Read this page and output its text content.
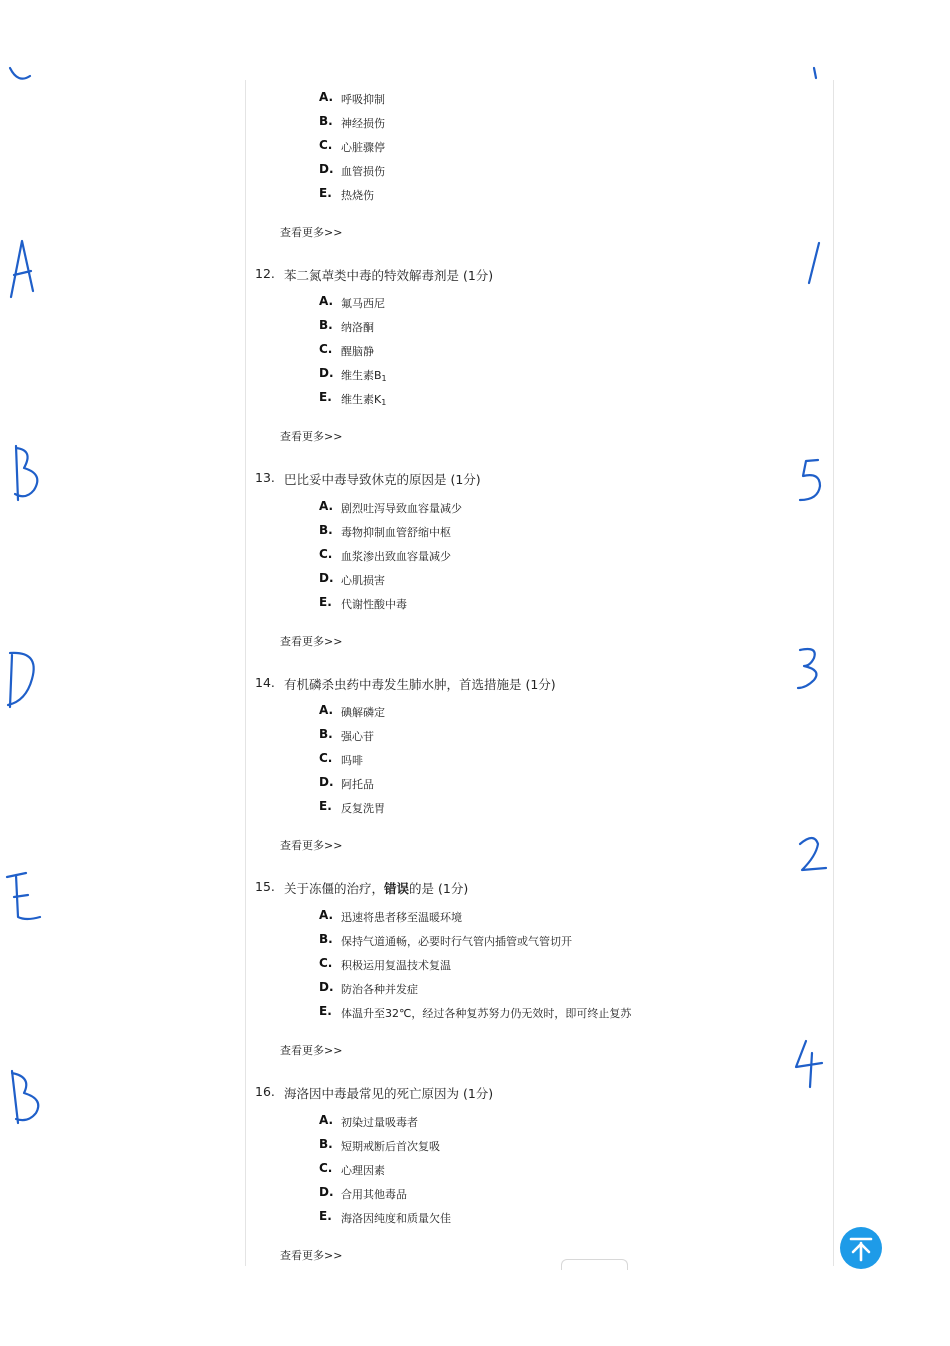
A. 呼吸抑制
B. 神经损伤
C. 心脏骤停
D. 血管损伤
E. 热烧伤
查看更多>>
12. 苯二氮䓬类中毒的特效解毒剂是 (1分)
A. 氟马西尼
B. 纳洛酮
C. 醒脑静
D. 维生素$B_1$
E. 维生素$K_1$
查看更多>>
13. 巴比妥中毒导致休克的原因是 (1分)
A. 剧烈吐泻导致血容量减少
B. 毒物抑制血管舒缩中枢
C. 血浆渗出致血容量减少
D. 心肌损害
E. 代谢性酸中毒
查看更多>>
14. 有机磷杀虫药中毒发生肺水肿，首选措施是 (1分)
A. 碘解磷定
B. 强心苷
C. 吗啡
D. 阿托品
E. 反复洗胃
查看更多>>
15. 关于冻僵的治疗，错误的是 (1分)
A. 迅速将患者移至温暖环境
B. 保持气道通畅，必要时行气管内插管或气管切开
C. 积极运用复温技术复温
D. 防治各种并发症
E. 体温升至32℃，经过各种复苏努力仍无效时，即可终止复苏
查看更多>>
16. 海洛因中毒最常见的死亡原因为 (1分)
A. 初染过量吸毒者
B. 短期戒断后首次复吸
C. 心理因素
D. 合用其他毒品
E. 海洛因纯度和质量欠佳
查看更多>>
